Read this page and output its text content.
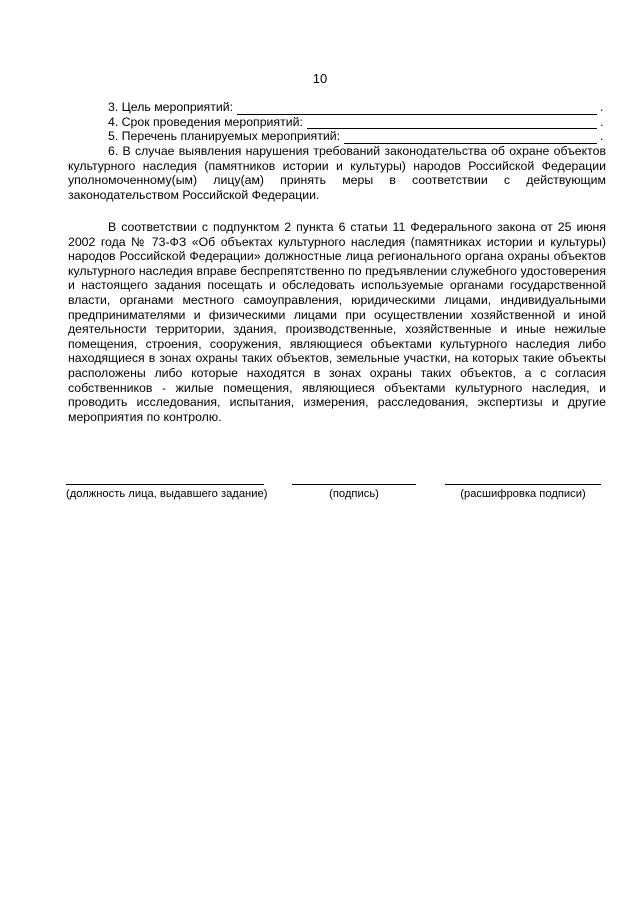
10
3. Цель мероприятий:	.
4. Срок проведения мероприятий:	.
5. Перечень планируемых мероприятий:	.

6. В случае выявления нарушения требований законодательства об охране объектов культурного наследия (памятников истории и культуры) народов Российской Федерации уполномоченному(ым) лицу(ам) принять меры в соответствии с действующим законодательством Российской Федерации.

В соответствии с подпунктом 2 пункта 6 статьи 11 Федерального закона от 25 июня 2002 года № 73-ФЗ «Об объектах культурного наследия (памятниках истории и культуры) народов Российской Федерации» должностные лица регионального органа охраны объектов культурного наследия вправе беспрепятственно по предъявлении служебного удостоверения и настоящего задания посещать и обследовать используемые органами государственной власти, органами местного самоуправления, юридическими лицами, индивидуальными предпринимателями и физическими лицами при осуществлении хозяйственной и иной деятельности территории, здания, производственные, хозяйственные и иные нежилые помещения, строения, сооружения, являющиеся объектами культурного наследия либо находящиеся в зонах охраны таких объектов, земельные участки, на которых такие объекты расположены либо которые находятся в зонах охраны таких объектов, а с согласия собственников - жилые помещения, являющиеся объектами культурного наследия, и проводить исследования, испытания, измерения, расследования, экспертизы и другие мероприятия по контролю.

(должность лица, выдавшего задание)	(подпись)	(расшифровка подписи)
